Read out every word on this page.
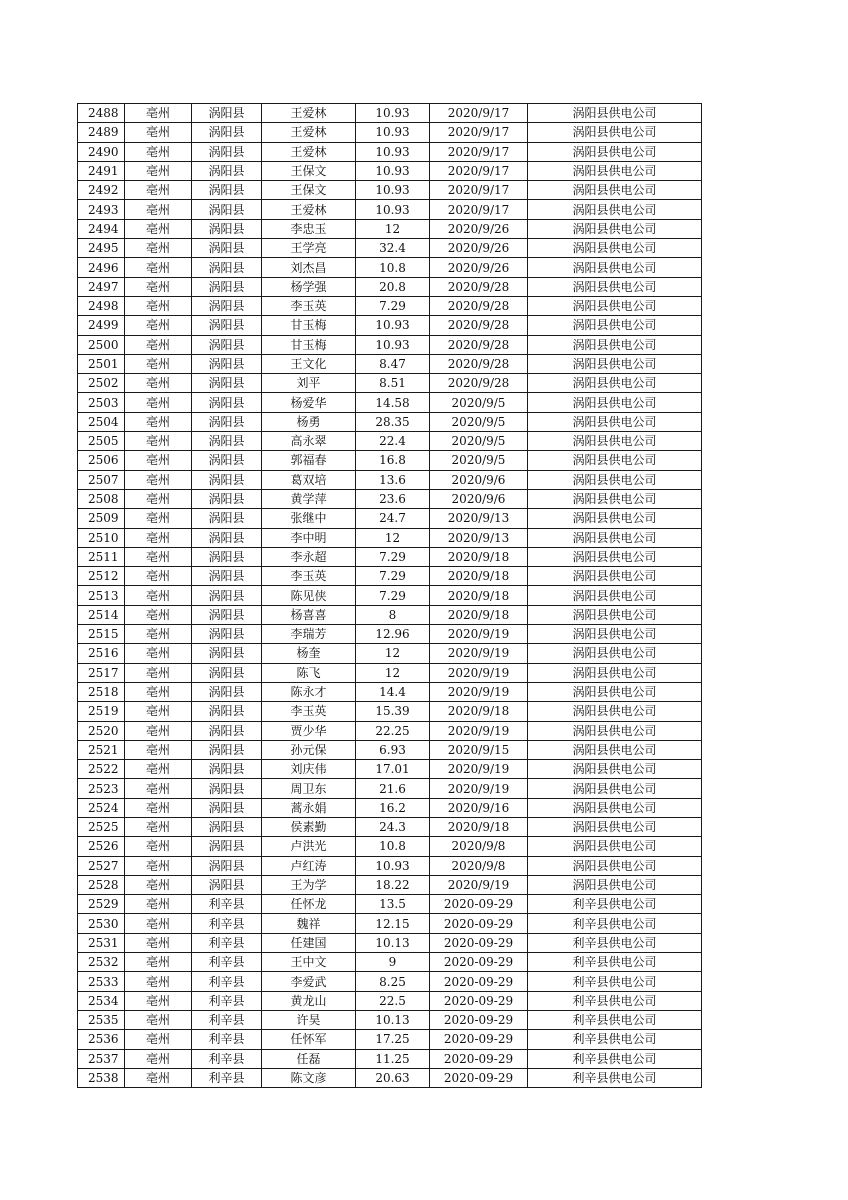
2488	亳州	涡阳县	王爱林	10.93	2020/9/17	涡阳县供电公司
2489	亳州	涡阳县	王爱林	10.93	2020/9/17	涡阳县供电公司
2490	亳州	涡阳县	王爱林	10.93	2020/9/17	涡阳县供电公司
2491	亳州	涡阳县	王保文	10.93	2020/9/17	涡阳县供电公司
2492	亳州	涡阳县	王保文	10.93	2020/9/17	涡阳县供电公司
2493	亳州	涡阳县	王爱林	10.93	2020/9/17	涡阳县供电公司
2494	亳州	涡阳县	李忠玉	12	2020/9/26	涡阳县供电公司
2495	亳州	涡阳县	王学亮	32.4	2020/9/26	涡阳县供电公司
2496	亳州	涡阳县	刘杰昌	10.8	2020/9/26	涡阳县供电公司
2497	亳州	涡阳县	杨学强	20.8	2020/9/28	涡阳县供电公司
2498	亳州	涡阳县	李玉英	7.29	2020/9/28	涡阳县供电公司
2499	亳州	涡阳县	甘玉梅	10.93	2020/9/28	涡阳县供电公司
2500	亳州	涡阳县	甘玉梅	10.93	2020/9/28	涡阳县供电公司
2501	亳州	涡阳县	王文化	8.47	2020/9/28	涡阳县供电公司
2502	亳州	涡阳县	刘平	8.51	2020/9/28	涡阳县供电公司
2503	亳州	涡阳县	杨爱华	14.58	2020/9/5	涡阳县供电公司
2504	亳州	涡阳县	杨勇	28.35	2020/9/5	涡阳县供电公司
2505	亳州	涡阳县	高永翠	22.4	2020/9/5	涡阳县供电公司
2506	亳州	涡阳县	郭福春	16.8	2020/9/5	涡阳县供电公司
2507	亳州	涡阳县	葛双培	13.6	2020/9/6	涡阳县供电公司
2508	亳州	涡阳县	黄学萍	23.6	2020/9/6	涡阳县供电公司
2509	亳州	涡阳县	张继中	24.7	2020/9/13	涡阳县供电公司
2510	亳州	涡阳县	李中明	12	2020/9/13	涡阳县供电公司
2511	亳州	涡阳县	李永超	7.29	2020/9/18	涡阳县供电公司
2512	亳州	涡阳县	李玉英	7.29	2020/9/18	涡阳县供电公司
2513	亳州	涡阳县	陈见侠	7.29	2020/9/18	涡阳县供电公司
2514	亳州	涡阳县	杨喜喜	8	2020/9/18	涡阳县供电公司
2515	亳州	涡阳县	李瑞芳	12.96	2020/9/19	涡阳县供电公司
2516	亳州	涡阳县	杨奎	12	2020/9/19	涡阳县供电公司
2517	亳州	涡阳县	陈飞	12	2020/9/19	涡阳县供电公司
2518	亳州	涡阳县	陈永才	14.4	2020/9/19	涡阳县供电公司
2519	亳州	涡阳县	李玉英	15.39	2020/9/18	涡阳县供电公司
2520	亳州	涡阳县	贾少华	22.25	2020/9/19	涡阳县供电公司
2521	亳州	涡阳县	孙元保	6.93	2020/9/15	涡阳县供电公司
2522	亳州	涡阳县	刘庆伟	17.01	2020/9/19	涡阳县供电公司
2523	亳州	涡阳县	周卫东	21.6	2020/9/19	涡阳县供电公司
2524	亳州	涡阳县	蒿永娟	16.2	2020/9/16	涡阳县供电公司
2525	亳州	涡阳县	侯素勤	24.3	2020/9/18	涡阳县供电公司
2526	亳州	涡阳县	卢洪光	10.8	2020/9/8	涡阳县供电公司
2527	亳州	涡阳县	卢红涛	10.93	2020/9/8	涡阳县供电公司
2528	亳州	涡阳县	王为学	18.22	2020/9/19	涡阳县供电公司
2529	亳州	利辛县	任怀龙	13.5	2020-09-29	利辛县供电公司
2530	亳州	利辛县	魏祥	12.15	2020-09-29	利辛县供电公司
2531	亳州	利辛县	任建国	10.13	2020-09-29	利辛县供电公司
2532	亳州	利辛县	王中文	9	2020-09-29	利辛县供电公司
2533	亳州	利辛县	李爱武	8.25	2020-09-29	利辛县供电公司
2534	亳州	利辛县	黄龙山	22.5	2020-09-29	利辛县供电公司
2535	亳州	利辛县	许昊	10.13	2020-09-29	利辛县供电公司
2536	亳州	利辛县	任怀军	17.25	2020-09-29	利辛县供电公司
2537	亳州	利辛县	任磊	11.25	2020-09-29	利辛县供电公司
2538	亳州	利辛县	陈文彦	20.63	2020-09-29	利辛县供电公司
